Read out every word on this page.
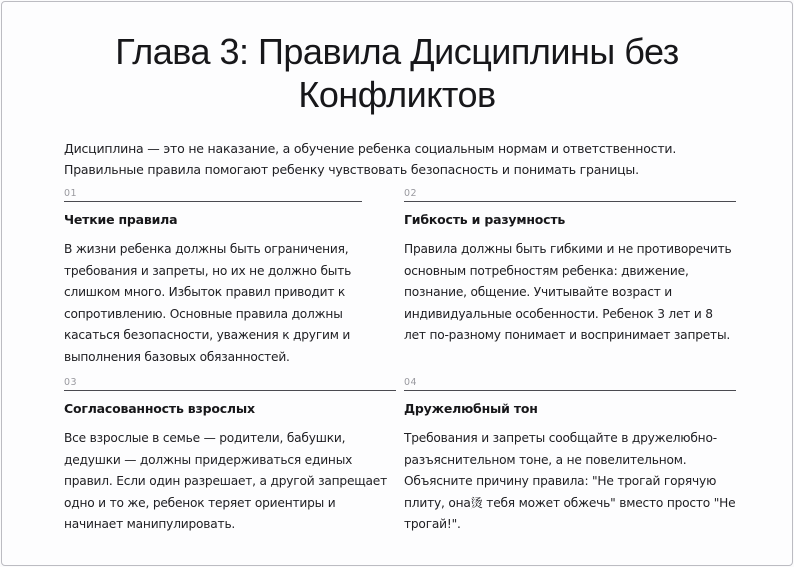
Глава 3: Правила Дисциплины без Конфликтов

Дисциплина — это не наказание, а обучение ребенка социальным нормам и ответственности. Правильные правила помогают ребенку чувствовать безопасность и понимать границы.

01
Четкие правила
В жизни ребенка должны быть ограничения, требования и запреты, но их не должно быть слишком много. Избыток правил приводит к сопротивлению. Основные правила должны касаться безопасности, уважения к другим и выполнения базовых обязанностей.
02
Гибкость и разумность
Правила должны быть гибкими и не противоречить основным потребностям ребенка: движение, познание, общение. Учитывайте возраст и индивидуальные особенности. Ребенок 3 лет и 8 лет по-разному понимает и воспринимает запреты.
03
Согласованность взрослых
Все взрослые в семье — родители, бабушки, дедушки — должны придерживаться единых правил. Если один разрешает, а другой запрещает одно и то же, ребенок теряет ориентиры и начинает манипулировать.
04
Дружелюбный тон
Требования и запреты сообщайте в дружелюбно-разъяснительном тоне, а не повелительном. Объясните причину правила: "Не трогай горячую плиту, она烫 тебя может обжечь" вместо просто "Не трогай!".
